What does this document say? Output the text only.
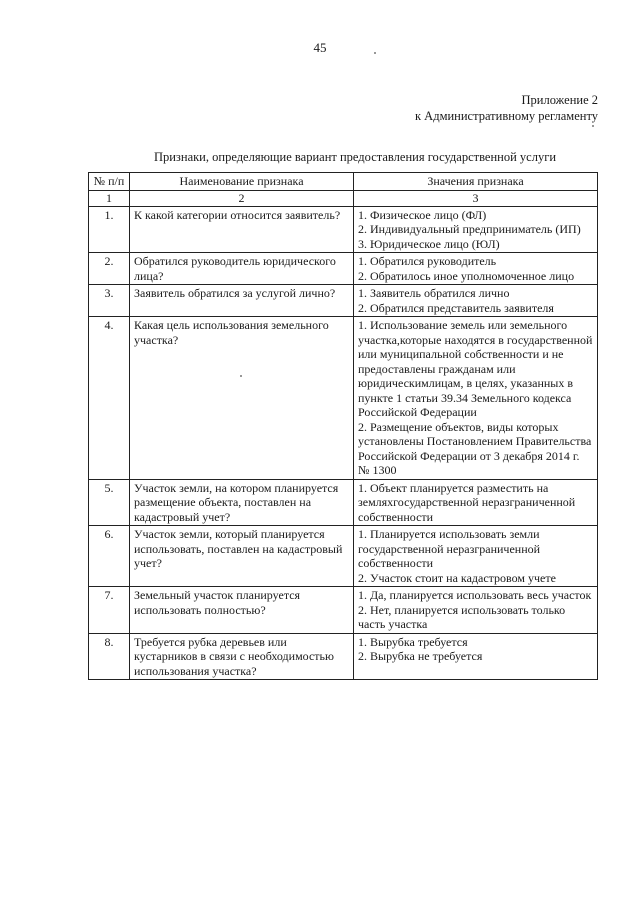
45
Приложение 2
к Административному регламенту
Признаки, определяющие вариант предоставления государственной услуги
№ п/п	Наименование признака	Значения признака
1	2	3
1.	К какой категории относится заявитель?	1. Физическое лицо (ФЛ)
2. Индивидуальный предприниматель (ИП)
3. Юридическое лицо (ЮЛ)

2.	Обратился руководитель юридического лица?	1. Обратился руководитель
2. Обратилось иное уполномоченное лицо

3.	Заявитель обратился за услугой лично?	1. Заявитель обратился лично
2. Обратился представитель заявителя

4.	Какая цель использования земельного участка?	1. Использование земель или земельного участка,которые находятся в государственной или муниципальной собственности и не предоставлены гражданам или юридическимлицам, в целях, указанных в пункте 1 статьи 39.34 Земельного кодекса Российской Федерации
2. Размещение объектов, виды которых установлены Постановлением Правительства Российской Федерации от 3 декабря 2014 г. № 1300

5.	Участок земли, на котором планируется размещение объекта, поставлен на кадастровый учет?	1. Объект планируется разместить на земляхгосударственной неразграниченной собственности

6.	Участок земли, который планируется использовать, поставлен на кадастровый учет?	1. Планируется использовать земли государственной неразграниченной собственности
2. Участок стоит на кадастровом учете

7.	Земельный участок планируется использовать полностью?	1. Да, планируется использовать весь участок
2. Нет, планируется использовать только часть участка

8.	Требуется рубка деревьев или кустарников в связи с необходимостью использования участка?	1. Вырубка требуется
2. Вырубка не требуется
